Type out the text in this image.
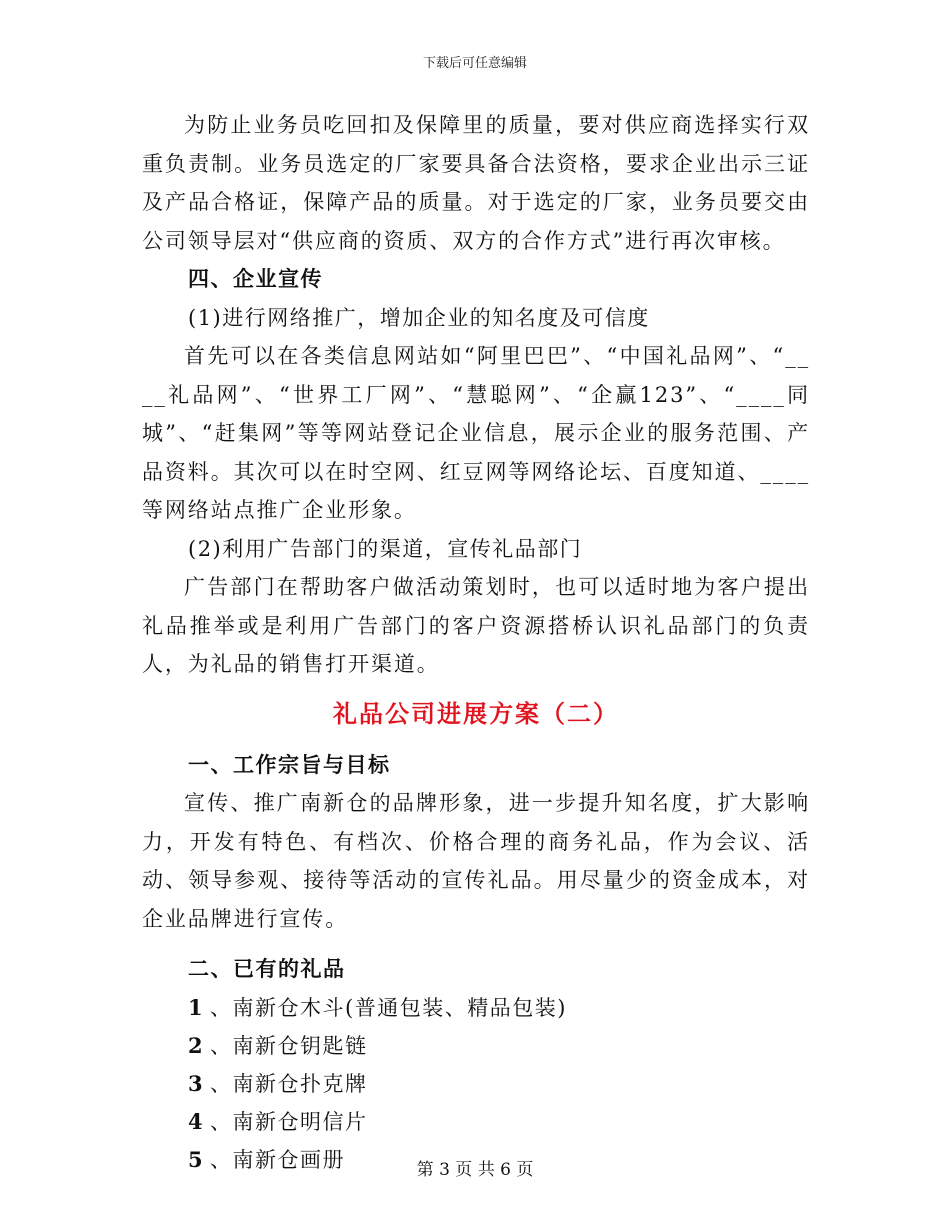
下载后可任意编辑

为防止业务员吃回扣及保障里的质量，要对供应商选择实行双重负责制。业务员选定的厂家要具备合法资格，要求企业出示三证及产品合格证，保障产品的质量。对于选定的厂家，业务员要交由公司领导层对“供应商的资质、双方的合作方式”进行再次审核。

四、企业宣传

(1)进行网络推广，增加企业的知名度及可信度

首先可以在各类信息网站如“阿里巴巴”、“中国礼品网”、“____礼品网”、“世界工厂网”、“慧聪网”、“企赢123”、“____同城”、“赶集网”等等网站登记企业信息，展示企业的服务范围、产品资料。其次可以在时空网、红豆网等网络论坛、百度知道、____等网络站点推广企业形象。

(2)利用广告部门的渠道，宣传礼品部门

广告部门在帮助客户做活动策划时，也可以适时地为客户提出礼品推举或是利用广告部门的客户资源搭桥认识礼品部门的负责人，为礼品的销售打开渠道。

礼品公司进展方案（二）

一、工作宗旨与目标

宣传、推广南新仓的品牌形象，进一步提升知名度，扩大影响力，开发有特色、有档次、价格合理的商务礼品，作为会议、活动、领导参观、接待等活动的宣传礼品。用尽量少的资金成本，对企业品牌进行宣传。

二、已有的礼品

1 、南新仓木斗(普通包装、精品包装)

2 、南新仓钥匙链

3 、南新仓扑克牌

4 、南新仓明信片

5 、南新仓画册	第 3 页 共 6 页
